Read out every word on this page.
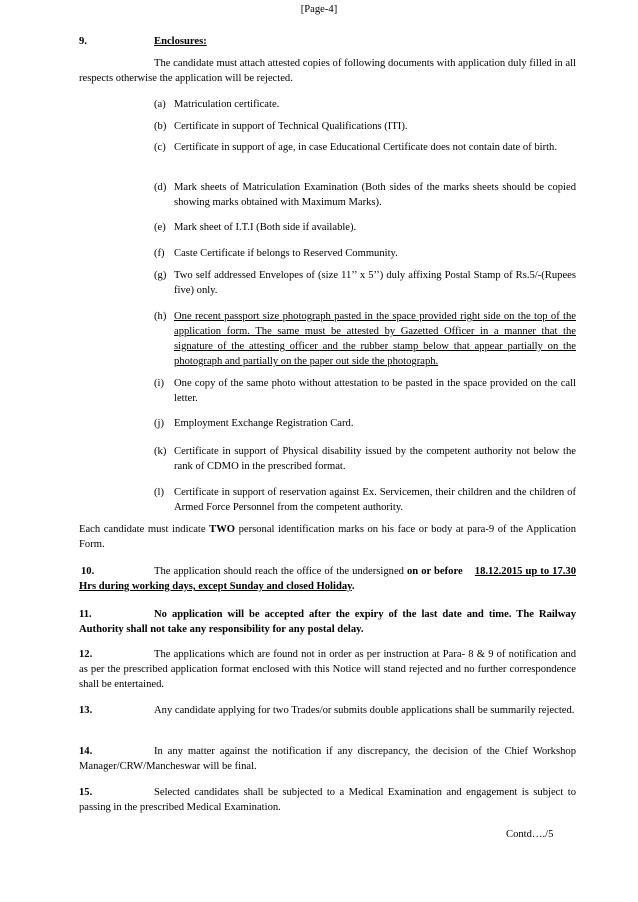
[Page-4]
9.	Enclosures:
The candidate must attach attested copies of following documents with application duly filled in all respects otherwise the application will be rejected.
(a) Matriculation certificate.
(b) Certificate in support of Technical Qualifications (ITI).
(c) Certificate in support of age, in case Educational Certificate does not contain date of birth.
(d) Mark sheets of Matriculation Examination (Both sides of the marks sheets should be copied showing marks obtained with Maximum Marks).
(e) Mark sheet of I.T.I (Both side if available).
(f) Caste Certificate if belongs to Reserved Community.
(g) Two self addressed Envelopes of (size 11’’ x 5’’) duly affixing Postal Stamp of Rs.5/-(Rupees five) only.
(h) One recent passport size photograph pasted in the space provided right side on the top of the application form. The same must be attested by Gazetted Officer in a manner that the signature of the attesting officer and the rubber stamp below that appear partially on the photograph and partially on the paper out side the photograph.
(i) One copy of the same photo without attestation to be pasted in the space provided on the call letter.
(j) Employment Exchange Registration Card.
(k) Certificate in support of Physical disability issued by the competent authority not below the rank of CDMO in the prescribed format.
(l) Certificate in support of reservation against Ex. Servicemen, their children and the children of Armed Force Personnel from the competent authority.
Each candidate must indicate TWO personal identification marks on his face or body at para-9 of the Application Form.
10.	The application should reach the office of the undersigned on or before 18.12.2015 up to 17.30 Hrs during working days, except Sunday and closed Holiday.
11.	No application will be accepted after the expiry of the last date and time. The Railway Authority shall not take any responsibility for any postal delay.
12.	The applications which are found not in order as per instruction at Para- 8 & 9 of notification and as per the prescribed application format enclosed with this Notice will stand rejected and no further correspondence shall be entertained.
13.	Any candidate applying for two Trades/or submits double applications shall be summarily rejected.
14.	In any matter against the notification if any discrepancy, the decision of the Chief Workshop Manager/CRW/Mancheswar will be final.
15.	Selected candidates shall be subjected to a Medical Examination and engagement is subject to passing in the prescribed Medical Examination.
Contd…./5
